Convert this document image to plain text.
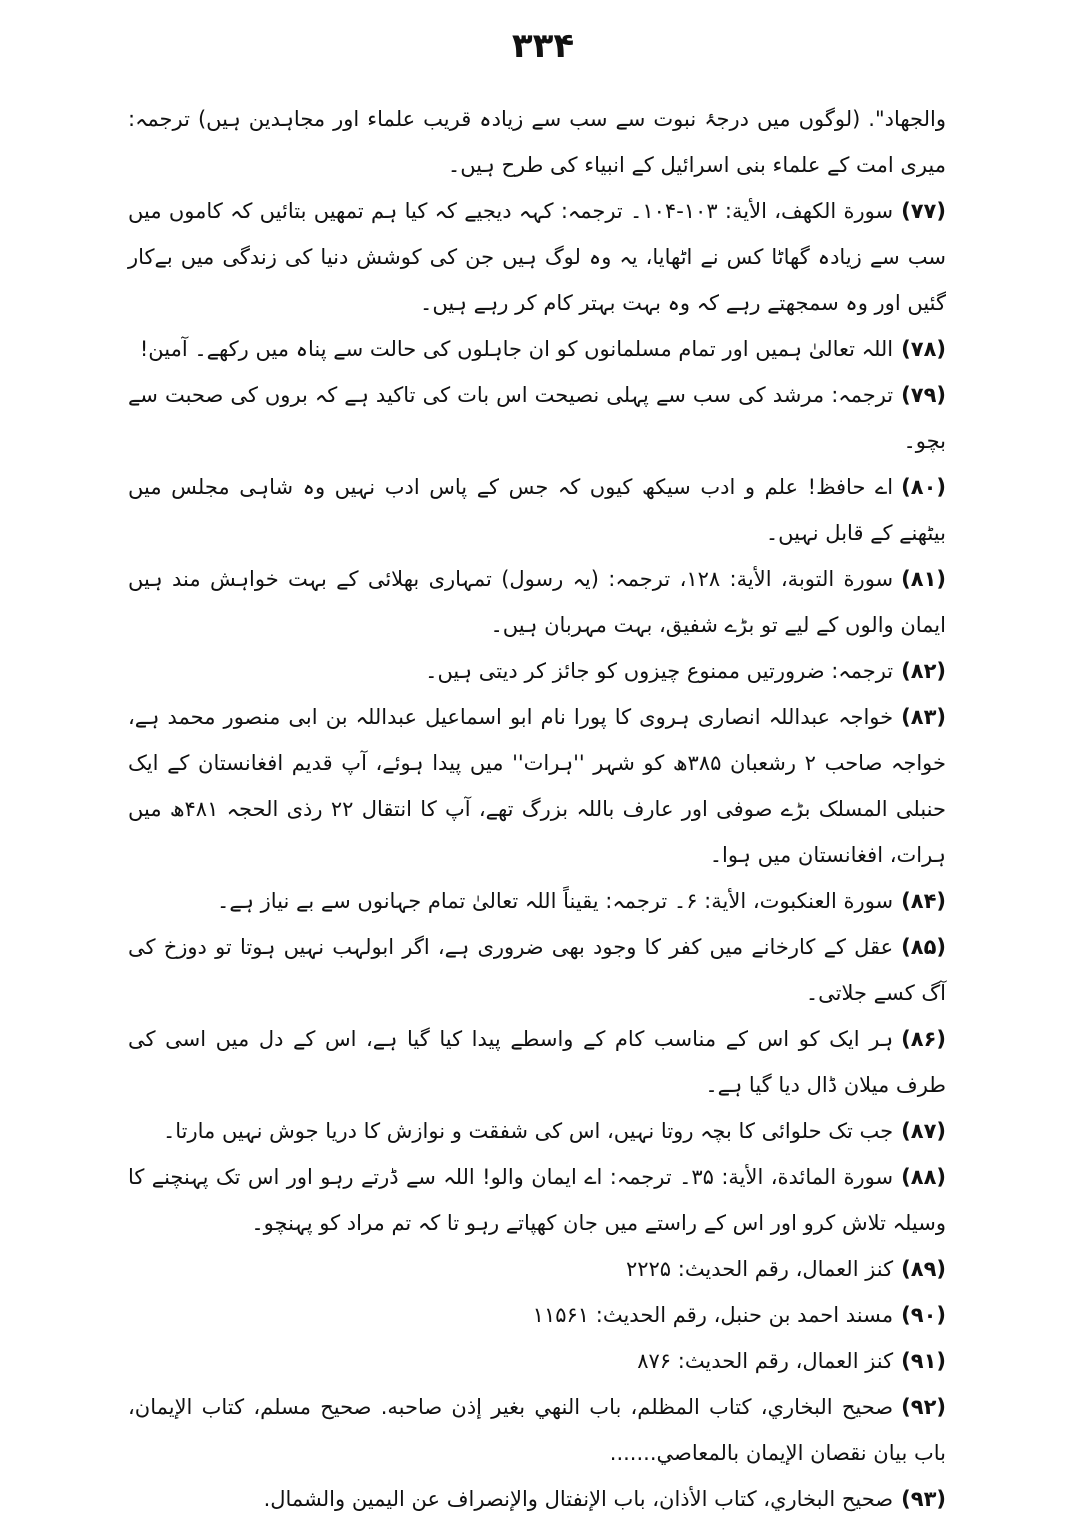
۳۳۴
والجهاد". (لوگوں میں درجۂ نبوت سے سب سے زیادہ قریب علماء اور مجاہدین ہیں) ترجمہ: میری امت کے علماء بنی اسرائیل کے انبیاء کی طرح ہیں۔
(۷۷)سورة الكهف، الأية: ۱۰۳-۱۰۴۔ ترجمہ: کہہ دیجیے کہ کیا ہم تمھیں بتائیں کہ کاموں میں سب سے زیادہ گھاٹا کس نے اٹھایا، یہ وہ لوگ ہیں جن کی کوشش دنیا کی زندگی میں بےکار گئیں اور وہ سمجھتے رہے کہ وہ بہت بہتر کام کر رہے ہیں۔
(۷۸)اللہ تعالیٰ ہمیں اور تمام مسلمانوں کو ان جاہلوں کی حالت سے پناہ میں رکھے۔ آمین!
(۷۹)ترجمہ: مرشد کی سب سے پہلی نصیحت اس بات کی تاکید ہے کہ بروں کی صحبت سے بچو۔
(۸۰)اے حافظ! علم و ادب سیکھ کیوں کہ جس کے پاس ادب نہیں وہ شاہی مجلس میں بیٹھنے کے قابل نہیں۔
(۸۱)سورة التوبة، الأية: ۱۲۸، ترجمہ: (یہ رسول) تمہاری بھلائی کے بہت خواہش مند ہیں ایمان والوں کے لیے تو بڑے شفیق، بہت مہربان ہیں۔
(۸۲)ترجمہ: ضرورتیں ممنوع چیزوں کو جائز کر دیتی ہیں۔
(۸۳)خواجہ عبداللہ انصاری ہروی کا پورا نام ابو اسماعیل عبداللہ بن ابی منصور محمد ہے، خواجہ صاحب ۲ رشعبان ۳۸۵ھ کو شہر ''ہرات'' میں پیدا ہوئے، آپ قدیم افغانستان کے ایک حنبلی المسلک بڑے صوفی اور عارف باللہ بزرگ تھے، آپ کا انتقال ۲۲ رذی الحجہ ۴۸۱ھ میں ہرات، افغانستان میں ہوا۔
(۸۴)سورة العنكبوت، الأية: ۶۔ ترجمہ: یقیناً اللہ تعالیٰ تمام جہانوں سے بے نیاز ہے۔
(۸۵)عقل کے کارخانے میں کفر کا وجود بھی ضروری ہے، اگر ابولہب نہیں ہوتا تو دوزخ کی آگ کسے جلاتی۔
(۸۶)ہر ایک کو اس کے مناسب کام کے واسطے پیدا کیا گیا ہے، اس کے دل میں اسی کی طرف میلان ڈال دیا گیا ہے۔
(۸۷)جب تک حلوائی کا بچہ روتا نہیں، اس کی شفقت و نوازش کا دریا جوش نہیں مارتا۔
(۸۸)سورة المائدة، الأية: ۳۵۔ ترجمہ: اے ایمان والو! اللہ سے ڈرتے رہو اور اس تک پہنچنے کا وسیلہ تلاش کرو اور اس کے راستے میں جان کھپاتے رہو تا کہ تم مراد کو پہنچو۔
(۸۹)کنز العمال، رقم الحدیث: ۲۲۲۵
(۹۰)مسند احمد بن حنبل، رقم الحدیث: ۱۱۵۶۱
(۹۱)کنز العمال، رقم الحدیث: ۸۷۶
(۹۲)صحيح البخاري، كتاب المظلم، باب النهي بغير إذن صاحبه. صحيح مسلم، كتاب الإيمان، باب بيان نقصان الإيمان بالمعاصي.......
(۹۳)صحيح البخاري، كتاب الأذان، باب الإنفتال والإنصراف عن اليمين والشمال.
